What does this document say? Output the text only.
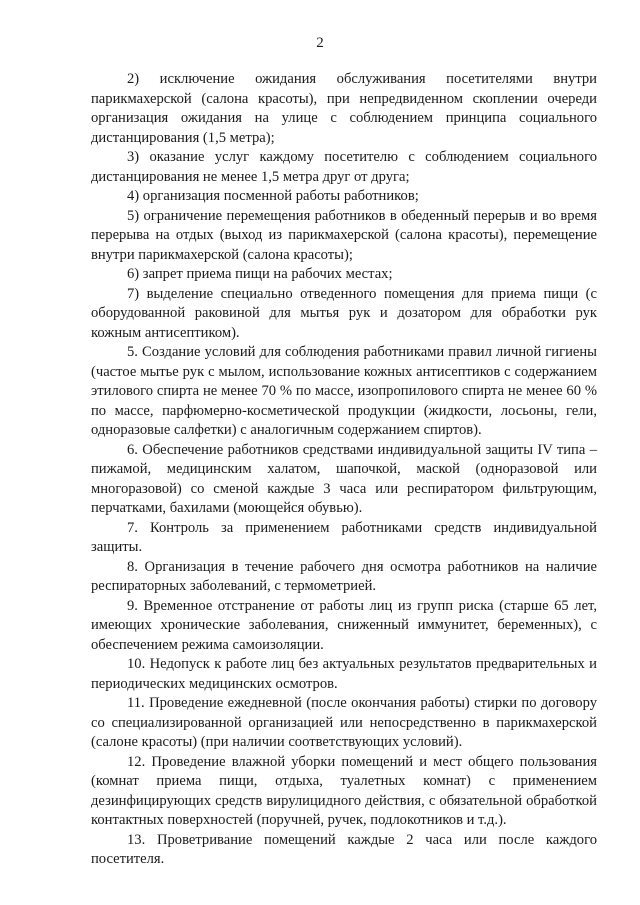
2

2) исключение ожидания обслуживания посетителями внутри парикмахерской (салона красоты), при непредвиденном скоплении очереди организация ожидания на улице с соблюдением принципа социального дистанцирования (1,5 метра);

3) оказание услуг каждому посетителю с соблюдением социального дистанцирования не менее 1,5 метра друг от друга;

4) организация посменной работы работников;

5) ограничение перемещения работников в обеденный перерыв и во время перерыва на отдых (выход из парикмахерской (салона красоты), перемещение внутри парикмахерской (салона красоты);

6) запрет приема пищи на рабочих местах;

7) выделение специально отведенного помещения для приема пищи (с оборудованной раковиной для мытья рук и дозатором для обработки рук кожным антисептиком).

5. Создание условий для соблюдения работниками правил личной гигиены (частое мытье рук с мылом, использование кожных антисептиков с содержанием этилового спирта не менее 70 % по массе, изопропилового спирта не менее 60 % по массе, парфюмерно-косметической продукции (жидкости, лосьоны, гели, одноразовые салфетки) с аналогичным содержанием спиртов).

6. Обеспечение работников средствами индивидуальной защиты IV типа – пижамой, медицинским халатом, шапочкой, маской (одноразовой или многоразовой) со сменой каждые 3 часа или респиратором фильтрующим, перчатками, бахилами (моющейся обувью).

7. Контроль за применением работниками средств индивидуальной защиты.

8. Организация в течение рабочего дня осмотра работников на наличие респираторных заболеваний, с термометрией.

9. Временное отстранение от работы лиц из групп риска (старше 65 лет, имеющих хронические заболевания, сниженный иммунитет, беременных), с обеспечением режима самоизоляции.

10. Недопуск к работе лиц без актуальных результатов предварительных и периодических медицинских осмотров.

11. Проведение ежедневной (после окончания работы) стирки по договору со специализированной организацией или непосредственно в парикмахерской (салоне красоты) (при наличии соответствующих условий).

12. Проведение влажной уборки помещений и мест общего пользования (комнат приема пищи, отдыха, туалетных комнат) с применением дезинфицирующих средств вирулицидного действия, с обязательной обработкой контактных поверхностей (поручней, ручек, подлокотников и т.д.).

13. Проветривание помещений каждые 2 часа или после каждого посетителя.
